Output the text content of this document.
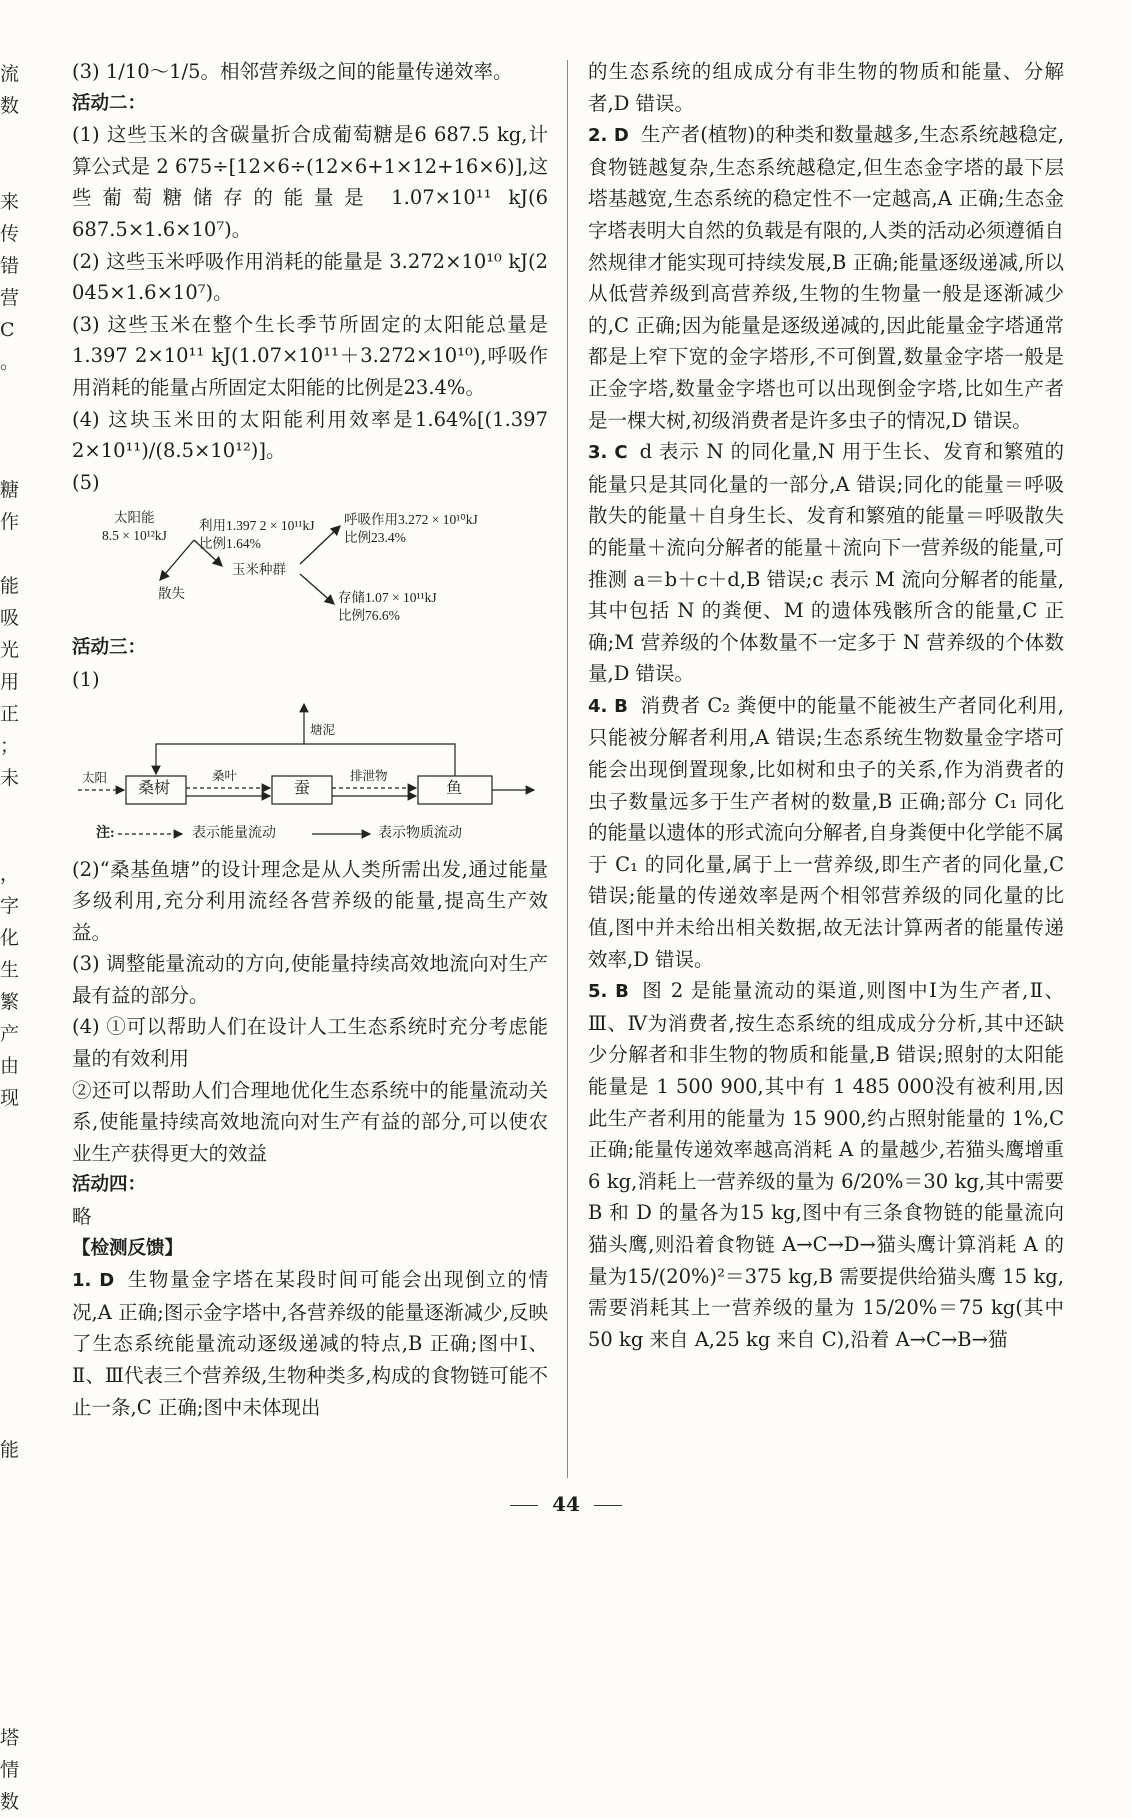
流
数
来
传
错
营
C
。
糖
作
能
吸
光
用
正
；
未
，
字
化
生
繁
产
由
现
能
塔
情
数

(3) 1/10～1/5。相邻营养级之间的能量传递效率。

活动二：

(1) 这些玉米的含碳量折合成葡萄糖是6 687.5 kg,计算公式是 2 675÷[12×6÷(12×6+1×12+16×6)],这些葡萄糖储存的能量是 1.07×10¹¹ kJ(6 687.5×1.6×10⁷)。

(2) 这些玉米呼吸作用消耗的能量是 3.272×10¹⁰ kJ(2 045×1.6×10⁷)。

(3) 这些玉米在整个生长季节所固定的太阳能总量是 1.397 2×10¹¹ kJ(1.07×10¹¹＋3.272×10¹⁰),呼吸作用消耗的能量占所固定太阳能的比例是23.4%。

(4) 这块玉米田的太阳能利用效率是1.64%[(1.397 2×10¹¹)/(8.5×10¹²)]。

(5)

太阳能
8.5 × 10¹²kJ
利用1.397 2 × 10¹¹kJ
比例1.64%
呼吸作用3.272 × 10¹⁰kJ
比例23.4%
散失
玉米种群
存储1.07 × 10¹¹kJ
比例76.6%

活动三：

(1)

太阳
桑树
桑叶
蚕
排泄物
鱼
塘泥
注:	表示能量流动	表示物质流动

(2)“桑基鱼塘”的设计理念是从人类所需出发,通过能量多级利用,充分利用流经各营养级的能量,提高生产效益。

(3) 调整能量流动的方向,使能量持续高效地流向对生产最有益的部分。

(4) ①可以帮助人们在设计人工生态系统时充分考虑能量的有效利用

②还可以帮助人们合理地优化生态系统中的能量流动关系,使能量持续高效地流向对生产有益的部分,可以使农业生产获得更大的效益

活动四：

略

【检测反馈】

1. D 生物量金字塔在某段时间可能会出现倒立的情况,A 正确;图示金字塔中,各营养级的能量逐渐减少,反映了生态系统能量流动逐级递减的特点,B 正确;图中Ⅰ、Ⅱ、Ⅲ代表三个营养级,生物种类多,构成的食物链可能不止一条,C 正确;图中未体现出

的生态系统的组成成分有非生物的物质和能量、分解者,D 错误。

2. D 生产者(植物)的种类和数量越多,生态系统越稳定,食物链越复杂,生态系统越稳定,但生态金字塔的最下层塔基越宽,生态系统的稳定性不一定越高,A 正确;生态金字塔表明大自然的负载是有限的,人类的活动必须遵循自然规律才能实现可持续发展,B 正确;能量逐级递减,所以从低营养级到高营养级,生物的生物量一般是逐渐减少的,C 正确;因为能量是逐级递减的,因此能量金字塔通常都是上窄下宽的金字塔形,不可倒置,数量金字塔一般是正金字塔,数量金字塔也可以出现倒金字塔,比如生产者是一棵大树,初级消费者是许多虫子的情况,D 错误。

3. C d 表示 N 的同化量,N 用于生长、发育和繁殖的能量只是其同化量的一部分,A 错误;同化的能量＝呼吸散失的能量＋自身生长、发育和繁殖的能量＝呼吸散失的能量＋流向分解者的能量＋流向下一营养级的能量,可推测 a＝b＋c＋d,B 错误;c 表示 M 流向分解者的能量,其中包括 N 的粪便、M 的遗体残骸所含的能量,C 正确;M 营养级的个体数量不一定多于 N 营养级的个体数量,D 错误。

4. B 消费者 C₂ 粪便中的能量不能被生产者同化利用,只能被分解者利用,A 错误;生态系统生物数量金字塔可能会出现倒置现象,比如树和虫子的关系,作为消费者的虫子数量远多于生产者树的数量,B 正确;部分 C₁ 同化的能量以遗体的形式流向分解者,自身粪便中化学能不属于 C₁ 的同化量,属于上一营养级,即生产者的同化量,C 错误;能量的传递效率是两个相邻营养级的同化量的比值,图中并未给出相关数据,故无法计算两者的能量传递效率,D 错误。

5. B 图 2 是能量流动的渠道,则图中Ⅰ为生产者,Ⅱ、Ⅲ、Ⅳ为消费者,按生态系统的组成成分分析,其中还缺少分解者和非生物的物质和能量,B 错误;照射的太阳能能量是 1 500 900,其中有 1 485 000没有被利用,因此生产者利用的能量为 15 900,约占照射能量的 1%,C 正确;能量传递效率越高消耗 A 的量越少,若猫头鹰增重 6 kg,消耗上一营养级的量为 6/20%＝30 kg,其中需要 B 和 D 的量各为15 kg,图中有三条食物链的能量流向猫头鹰,则沿着食物链 A→C→D→猫头鹰计算消耗 A 的量为15/(20%)²＝375 kg,B 需要提供给猫头鹰 15 kg,需要消耗其上一营养级的量为 15/20%＝75 kg(其中 50 kg 来自 A,25 kg 来自 C),沿着 A→C→B→猫

44
